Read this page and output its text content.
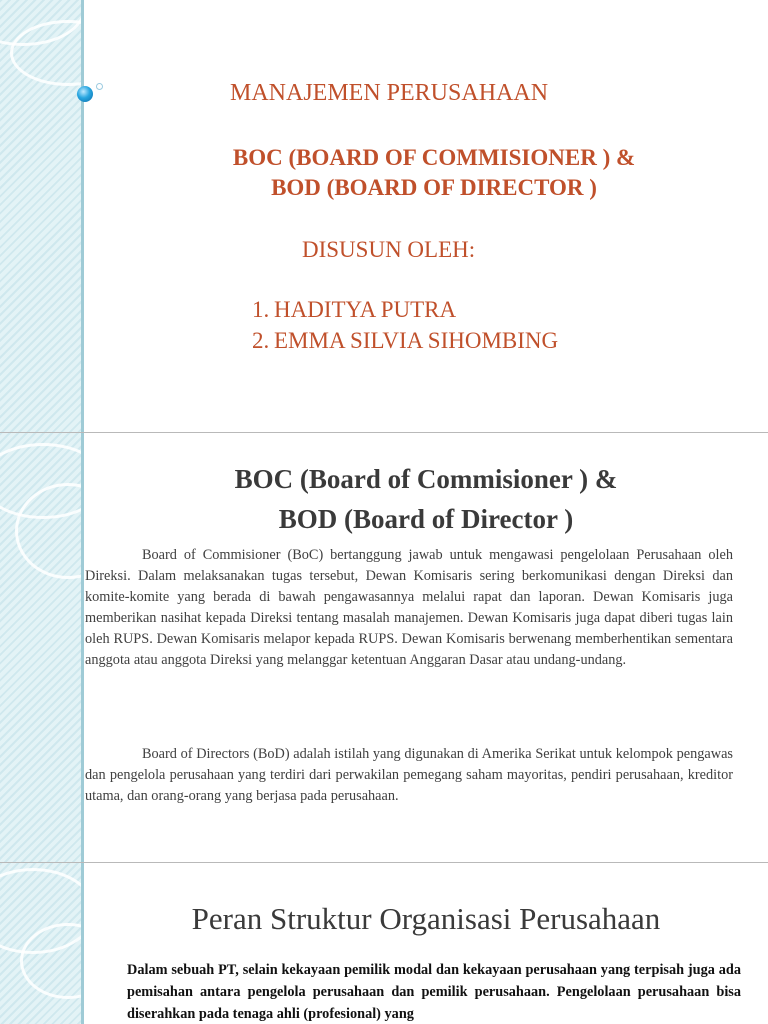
MANAJEMEN PERUSAHAAN

BOC (BOARD OF COMMISIONER ) &
BOD (BOARD OF DIRECTOR )

DISUSUN OLEH:

1. HADITYA PUTRA
2. EMMA SILVIA SIHOMBING
BOC (Board of Commisioner ) &
BOD (Board of Director )

Board of Commisioner (BoC) bertanggung jawab untuk mengawasi pengelolaan Perusahaan oleh Direksi. Dalam melaksanakan tugas tersebut, Dewan Komisaris sering berkomunikasi dengan Direksi dan komite-komite yang berada di bawah pengawasannya melalui rapat dan laporan. Dewan Komisaris juga memberikan nasihat kepada Direksi tentang masalah manajemen. Dewan Komisaris juga dapat diberi tugas lain oleh RUPS. Dewan Komisaris melapor kepada RUPS. Dewan Komisaris berwenang memberhentikan sementara anggota atau anggota Direksi yang melanggar ketentuan Anggaran Dasar atau undang-undang.

Board of Directors (BoD) adalah istilah yang digunakan di Amerika Serikat untuk kelompok pengawas dan pengelola perusahaan yang terdiri dari perwakilan pemegang saham mayoritas, pendiri perusahaan, kreditor utama, dan orang-orang yang berjasa pada perusahaan.

Peran Struktur Organisasi Perusahaan

Dalam sebuah PT, selain kekayaan pemilik modal dan kekayaan perusahaan yang terpisah juga ada pemisahan antara pengelola perusahaan dan pemilik perusahaan. Pengelolaan perusahaan bisa diserahkan pada tenaga ahli (profesional) yang
